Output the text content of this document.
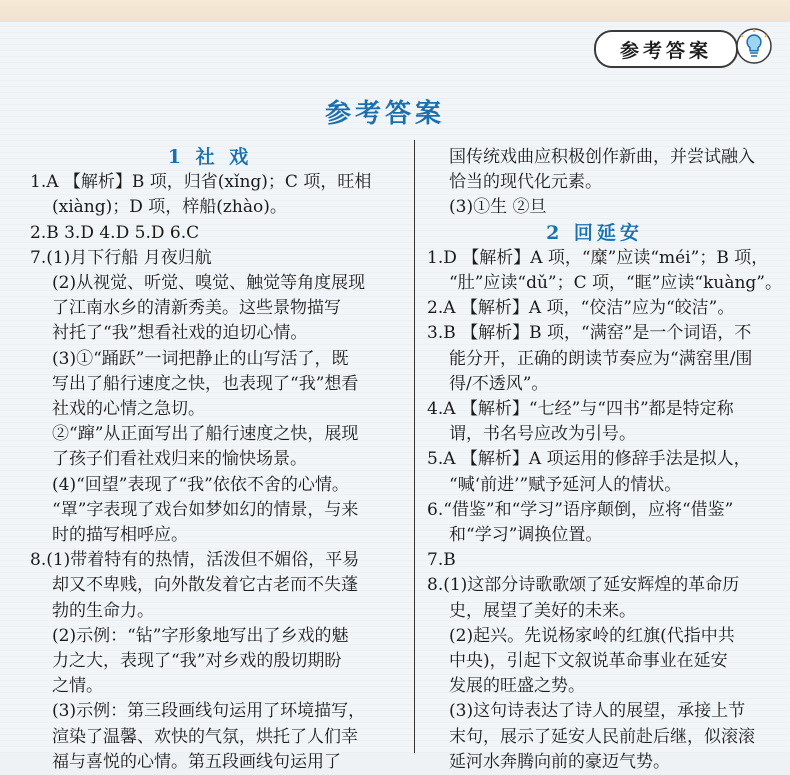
参考答案
参考答案

1 社 戏

1.A 【解析】B 项，归省(xǐng)；C 项，旺相

(xiàng)；D 项，梓船(zhào)。

2.B 3.D 4.D 5.D 6.C

7.(1)月下行船 月夜归航

(2)从视觉、听觉、嗅觉、触觉等角度展现

了江南水乡的清新秀美。这些景物描写

衬托了“我”想看社戏的迫切心情。

(3)①“踊跃”一词把静止的山写活了，既

写出了船行速度之快，也表现了“我”想看

社戏的心情之急切。

②“蹿”从正面写出了船行速度之快，展现

了孩子们看社戏归来的愉快场景。

(4)“回望”表现了“我”依依不舍的心情。

“罩”字表现了戏台如梦如幻的情景，与来

时的描写相呼应。

8.(1)带着特有的热情，活泼但不媚俗，平易

却又不卑贱，向外散发着它古老而不失蓬

勃的生命力。

(2)示例：“钻”字形象地写出了乡戏的魅

力之大，表现了“我”对乡戏的殷切期盼

之情。

(3)示例：第三段画线句运用了环境描写，

渲染了温馨、欢快的气氛，烘托了人们幸

福与喜悦的心情。第五段画线句运用了

国传统戏曲应积极创作新曲，并尝试融入

恰当的现代化元素。

(3)①生 ②旦

2 回延安

1.D 【解析】A 项，“糜”应读“méi”；B 项，

“肚”应读“dǔ”；C 项，“眶”应读“kuàng”。

2.A 【解析】A 项，“佼洁”应为“皎洁”。

3.B 【解析】B 项，“满窑”是一个词语，不

能分开，正确的朗读节奏应为“满窑里/围

得/不透风”。

4.A 【解析】“七经”与“四书”都是特定称

谓，书名号应改为引号。

5.A 【解析】A 项运用的修辞手法是拟人，

“喊‘前进’”赋予延河人的情状。

6.“借鉴”和“学习”语序颠倒，应将“借鉴”

和“学习”调换位置。

7.B

8.(1)这部分诗歌歌颂了延安辉煌的革命历

史，展望了美好的未来。

(2)起兴。先说杨家岭的红旗(代指中共

中央)，引起下文叙说革命事业在延安

发展的旺盛之势。

(3)这句诗表达了诗人的展望，承接上节

末句，展示了延安人民前赴后继，似滚滚

延河水奔腾向前的豪迈气势。
